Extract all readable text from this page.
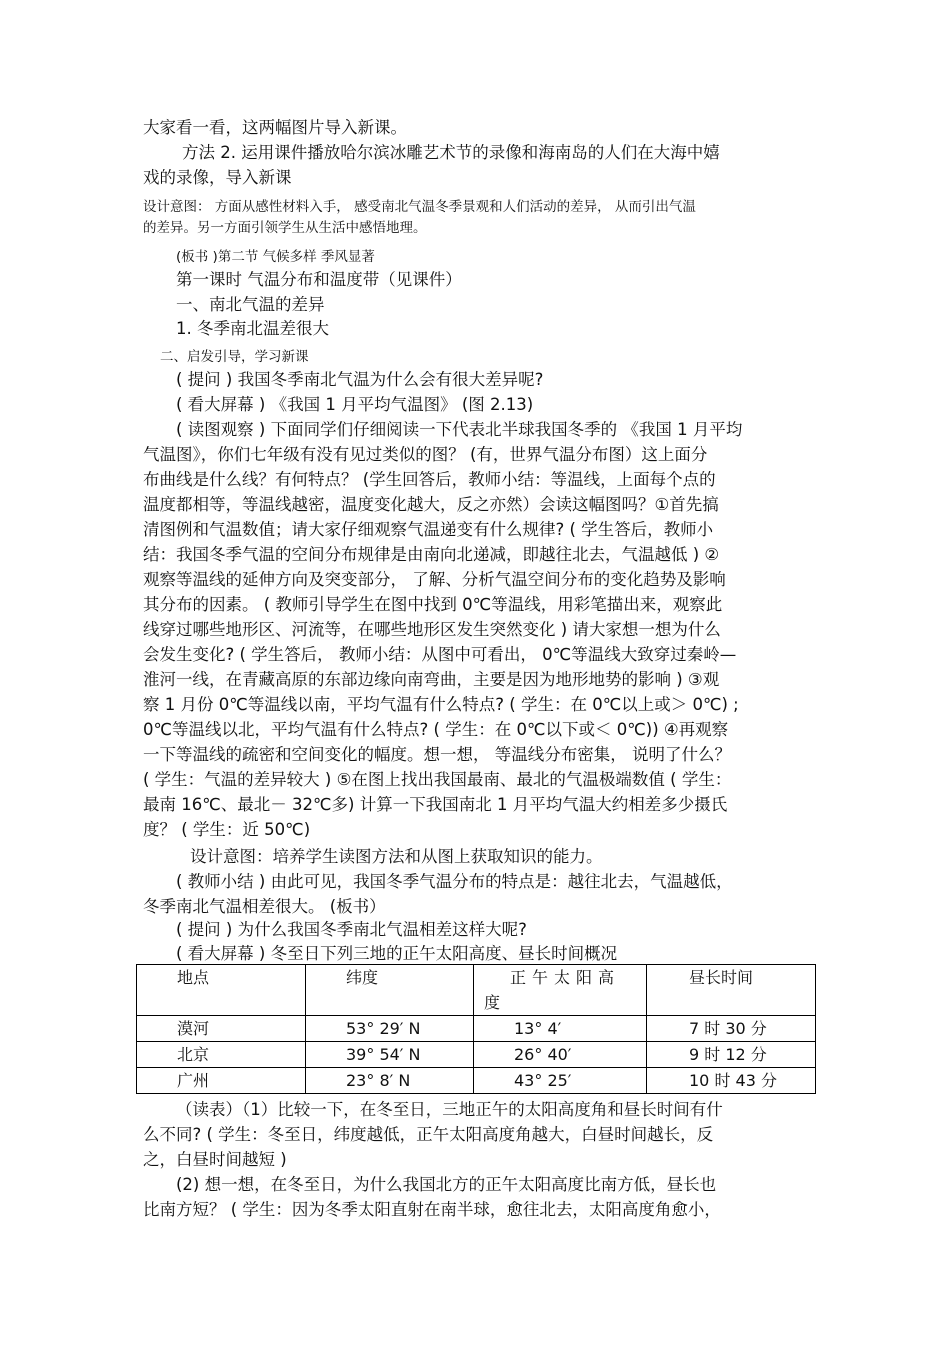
大家看一看，这两幅图片导入新课。
方法 2. 运用课件播放哈尔滨冰雕艺术节的录像和海南岛的人们在大海中嬉
戏的录像，导入新课
设计意图： 方面从感性材料入手， 感受南北气温冬季景观和人们活动的差异， 从而引出气温
的差异。另一方面引领学生从生活中感悟地理。
(板书 )第二节 气候多样 季风显著
第一课时 气温分布和温度带（见课件）
一、南北气温的差异
1. 冬季南北温差很大
二、启发引导，学习新课
( 提问 ) 我国冬季南北气温为什么会有很大差异呢?
( 看大屏幕 ) 《我国 1 月平均气温图》 (图 2.13)
( 读图观察 ) 下面同学们仔细阅读一下代表北半球我国冬季的 《我国 1 月平均
气温图》，你们七年级有没有见过类似的图？ (有，世界气温分布图）这上面分
布曲线是什么线？有何特点？ (学生回答后，教师小结：等温线，上面每个点的
温度都相等，等温线越密，温度变化越大，反之亦然）会读这幅图吗？①首先搞
清图例和气温数值；请大家仔细观察气温递变有什么规律? ( 学生答后，教师小
结：我国冬季气温的空间分布规律是由南向北递减，即越往北去，气温越低 ) ②
观察等温线的延伸方向及突变部分， 了解、分析气温空间分布的变化趋势及影响
其分布的因素。 ( 教师引导学生在图中找到 0℃等温线，用彩笔描出来，观察此
线穿过哪些地形区、河流等，在哪些地形区发生突然变化 ) 请大家想一想为什么
会发生变化? ( 学生答后， 教师小结：从图中可看出， 0℃等温线大致穿过秦岭—
淮河一线，在青藏高原的东部边缘向南弯曲，主要是因为地形地势的影响 ) ③观
察 1 月份 0℃等温线以南，平均气温有什么特点? ( 学生：在 0℃以上或＞ 0℃) ;
0℃等温线以北，平均气温有什么特点? ( 学生：在 0℃以下或＜ 0℃)) ④再观察
一下等温线的疏密和空间变化的幅度。想一想， 等温线分布密集， 说明了什么？
( 学生：气温的差异较大 ) ⑤在图上找出我国最南、最北的气温极端数值 ( 学生：
最南 16℃、最北－ 32℃多) 计算一下我国南北 1 月平均气温大约相差多少摄氏
度？ ( 学生：近 50℃)
设计意图：培养学生读图方法和从图上获取知识的能力。
( 教师小结 ) 由此可见，我国冬季气温分布的特点是：越往北去，气温越低，
冬季南北气温相差很大。 (板书）
( 提问 ) 为什么我国冬季南北气温相差这样大呢?
( 看大屏幕 ) 冬至日下列三地的正午太阳高度、昼长时间概况
地点	纬度	正午太阳高
度	昼长时间
漠河	53° 29′ N	13° 4′	7 时 30 分
北京	39° 54′ N	26° 40′	9 时 12 分
广州	23° 8′ N	43° 25′	10 时 43 分
（读表）（1）比较一下，在冬至日，三地正午的太阳高度角和昼长时间有什
么不同? ( 学生：冬至日，纬度越低，正午太阳高度角越大，白昼时间越长，反
之，白昼时间越短 )
(2) 想一想，在冬至日，为什么我国北方的正午太阳高度比南方低，昼长也
比南方短？ ( 学生：因为冬季太阳直射在南半球，愈往北去，太阳高度角愈小，
